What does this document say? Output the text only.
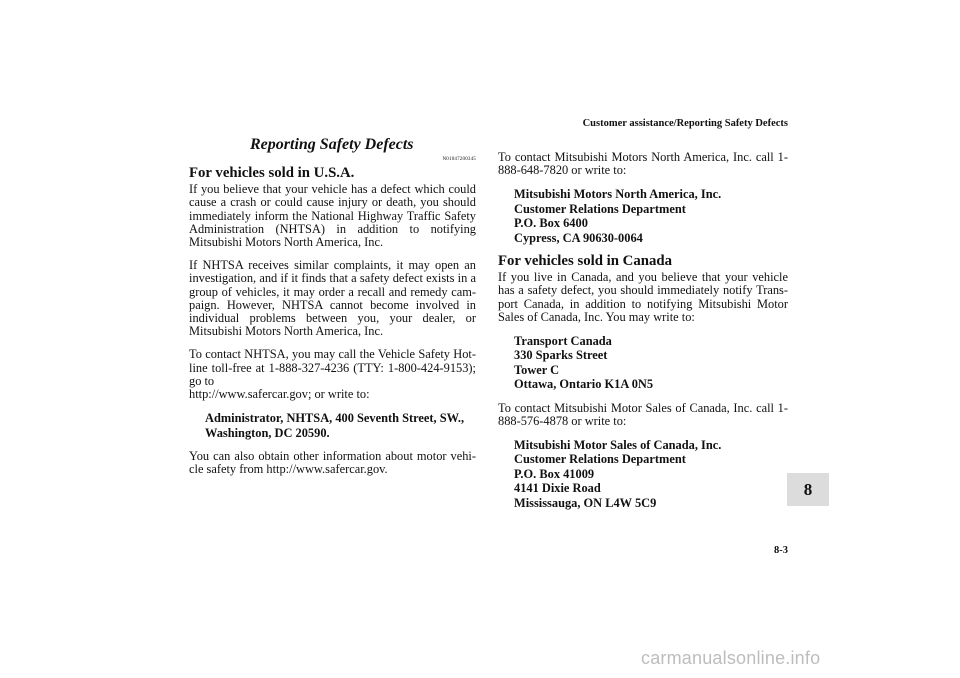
Customer assistance/Reporting Safety Defects
Reporting Safety Defects
N01047200345
For vehicles sold in U.S.A.

If you believe that your vehicle has a defect which could cause a crash or could cause injury or death, you should immediately inform the National Highway Traffic Safety Administration (NHTSA) in addition to notifying Mitsubishi Motors North America, Inc.

If NHTSA receives similar complaints, it may open an investigation, and if it finds that a safety defect exists in a group of vehicles, it may order a recall and remedy cam-paign. However, NHTSA cannot become involved in individual problems between you, your dealer, or Mitsubishi Motors North America, Inc.

To contact NHTSA, you may call the Vehicle Safety Hot-line toll-free at 1-888-327-4236 (TTY: 1-800-424-9153); go to
http://www.safercar.gov; or write to:

Administrator, NHTSA, 400 Seventh Street, SW.,
Washington, DC 20590.

You can also obtain other information about motor vehi-cle safety from http://www.safercar.gov.

To contact Mitsubishi Motors North America, Inc. call 1-888-648-7820 or write to:

Mitsubishi Motors North America, Inc.
Customer Relations Department
P.O. Box 6400
Cypress, CA 90630-0064
For vehicles sold in Canada

If you live in Canada, and you believe that your vehicle has a safety defect, you should immediately notify Trans-port Canada, in addition to notifying Mitsubishi Motor Sales of Canada, Inc. You may write to:

Transport Canada
330 Sparks Street
Tower C
Ottawa, Ontario K1A 0N5

To contact Mitsubishi Motor Sales of Canada, Inc. call 1-888-576-4878 or write to:

Mitsubishi Motor Sales of Canada, Inc.
Customer Relations Department
P.O. Box 41009
4141 Dixie Road
Mississauga, ON L4W 5C9
8
8-3
carmanualsonline.info
